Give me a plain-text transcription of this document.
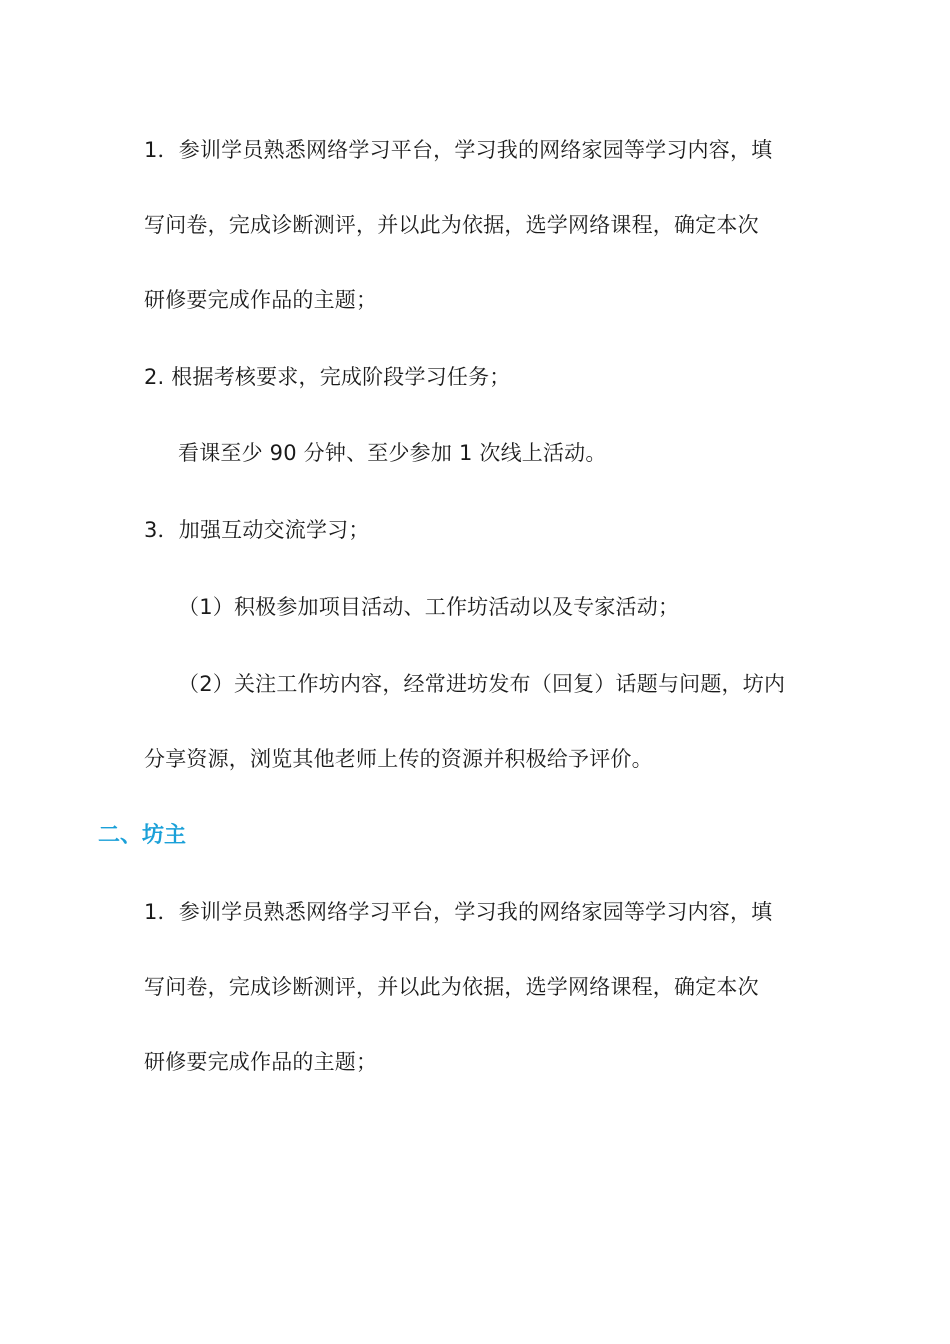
1．参训学员熟悉网络学习平台，学习我的网络家园等学习内容，填
写问卷，完成诊断测评，并以此为依据，选学网络课程，确定本次
研修要完成作品的主题；
2. 根据考核要求，完成阶段学习任务；
看课至少 90 分钟、至少参加 1 次线上活动。
3．加强互动交流学习；
（1）积极参加项目活动、工作坊活动以及专家活动；
（2）关注工作坊内容，经常进坊发布（回复）话题与问题，坊内
分享资源，浏览其他老师上传的资源并积极给予评价。
二、坊主
1．参训学员熟悉网络学习平台，学习我的网络家园等学习内容，填
写问卷，完成诊断测评，并以此为依据，选学网络课程，确定本次
研修要完成作品的主题；
